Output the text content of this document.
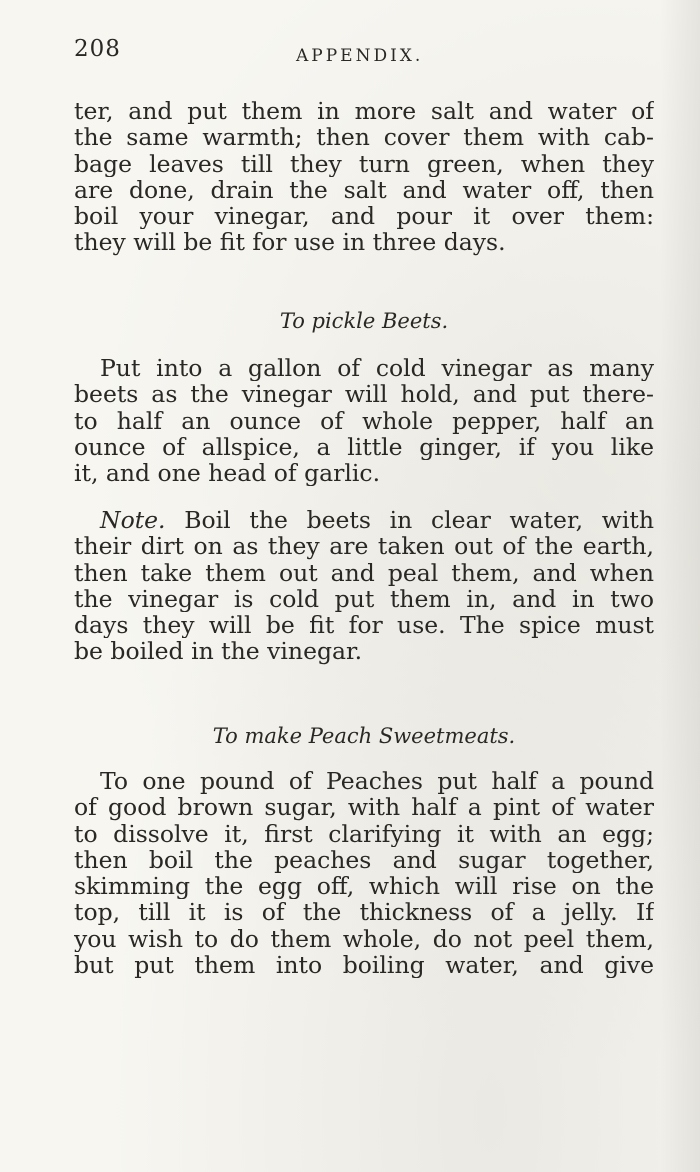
208	APPENDIX.
ter, and put them in more salt and water of
the same warmth; then cover them with cab-
bage leaves till they turn green, when they
are done, drain the salt and water off, then
boil your vinegar, and pour it over them:
they will be fit for use in three days.
To pickle Beets.
Put into a gallon of cold vinegar as many
beets as the vinegar will hold, and put there-
to half an ounce of whole pepper, half an
ounce of allspice, a little ginger, if you like
it, and one head of garlic.
Note. Boil the beets in clear water, with
their dirt on as they are taken out of the earth,
then take them out and peal them, and when
the vinegar is cold put them in, and in two
days they will be fit for use. The spice must
be boiled in the vinegar.
To make Peach Sweetmeats.
To one pound of Peaches put half a pound
of good brown sugar, with half a pint of water
to dissolve it, first clarifying it with an egg;
then boil the peaches and sugar together,
skimming the egg off, which will rise on the
top, till it is of the thickness of a jelly. If
you wish to do them whole, do not peel them,
but put them into boiling water, and give
